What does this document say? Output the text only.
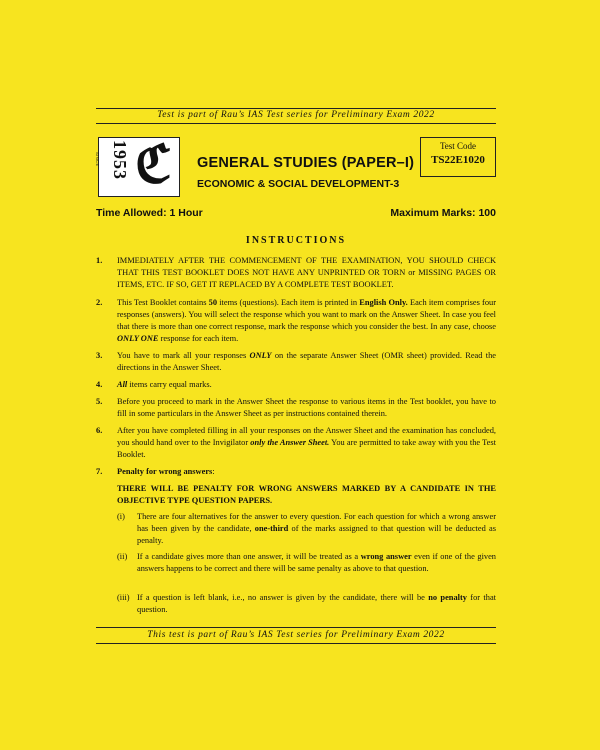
Test is part of Rau’s IAS Test series for Preliminary Exam 2022
SINCE 1953 ℭ	Test Code
TS22E1020
GENERAL STUDIES (PAPER–I)
ECONOMIC & SOCIAL DEVELOPMENT-3
Time Allowed: 1 Hour	Maximum Marks: 100
INSTRUCTIONS
1.	IMMEDIATELY AFTER THE COMMENCEMENT OF THE EXAMINATION, YOU SHOULD CHECK THAT THIS TEST BOOKLET DOES NOT HAVE ANY UNPRINTED OR TORN or MISSING PAGES OR ITEMS, ETC. IF SO, GET IT REPLACED BY A COMPLETE TEST BOOKLET.
2.	This Test Booklet contains 50 items (questions). Each item is printed in English Only. Each item comprises four responses (answers). You will select the response which you want to mark on the Answer Sheet. In case you feel that there is more than one correct response, mark the response which you consider the best. In any case, choose ONLY ONE response for each item.
3.	You have to mark all your responses ONLY on the separate Answer Sheet (OMR sheet) provided. Read the directions in the Answer Sheet.
4.	All items carry equal marks.
5.	Before you proceed to mark in the Answer Sheet the response to various items in the Test booklet, you have to fill in some particulars in the Answer Sheet as per instructions contained therein.
6.	After you have completed filling in all your responses on the Answer Sheet and the examination has concluded, you should hand over to the Invigilator only the Answer Sheet. You are permitted to take away with you the Test Booklet.
7.	Penalty for wrong answers:
THERE WILL BE PENALTY FOR WRONG ANSWERS MARKED BY A CANDIDATE IN THE OBJECTIVE TYPE QUESTION PAPERS.
(i)	There are four alternatives for the answer to every question. For each question for which a wrong answer has been given by the candidate, one-third of the marks assigned to that question will be deducted as penalty.
(ii)	If a candidate gives more than one answer, it will be treated as a wrong answer even if one of the given answers happens to be correct and there will be same penalty as above to that question.
(iii) If a question is left blank, i.e., no answer is given by the candidate, there will be no penalty for that question.
This test is part of Rau’s IAS Test series for Preliminary Exam 2022
